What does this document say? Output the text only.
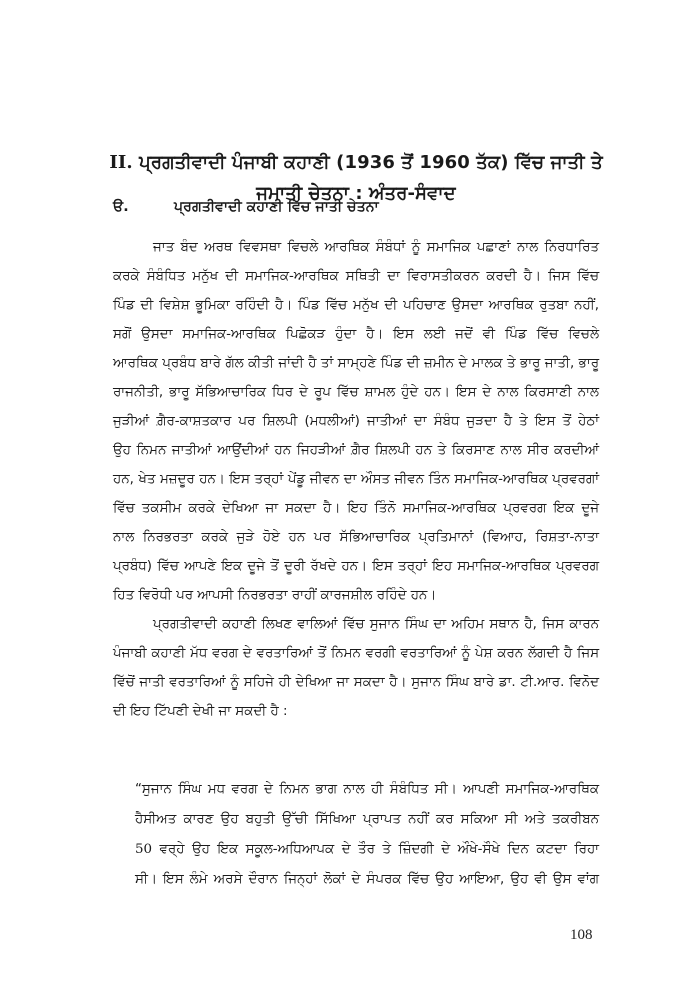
II. ਪ੍ਰਗਤੀਵਾਦੀ ਪੰਜਾਬੀ ਕਹਾਣੀ (1936 ਤੋਂ 1960 ਤੱਕ) ਵਿੱਚ ਜਾਤੀ ਤੇ
ਜਮਾਤੀ ਚੇਤਨਾ : ਅੰਤਰ-ਸੰਵਾਦ
ੳ.	ਪ੍ਰਗਤੀਵਾਦੀ ਕਹਾਣੀ ਵਿੱਚ ਜਾਤੀ ਚੇਤਨਾ
ਜਾਤ ਬੰਦ ਅਰਥ ਵਿਵਸਥਾ ਵਿਚਲੇ ਆਰਥਿਕ ਸੰਬੰਧਾਂ ਨੂੰ ਸਮਾਜਿਕ ਪਛਾਣਾਂ ਨਾਲ ਨਿਰਧਾਰਿਤ
ਕਰਕੇ ਸੰਬੰਧਿਤ ਮਨੁੱਖ ਦੀ ਸਮਾਜਿਕ-ਆਰਥਿਕ ਸਥਿਤੀ ਦਾ ਵਿਰਾਸਤੀਕਰਨ ਕਰਦੀ ਹੈ। ਜਿਸ ਵਿੱਚ
ਪਿੰਡ ਦੀ ਵਿਸ਼ੇਸ਼ ਭੂਮਿਕਾ ਰਹਿੰਦੀ ਹੈ। ਪਿੰਡ ਵਿੱਚ ਮਨੁੱਖ ਦੀ ਪਹਿਚਾਣ ਉਸਦਾ ਆਰਥਿਕ ਰੁਤਬਾ ਨਹੀਂ,
ਸਗੋਂ ਉਸਦਾ ਸਮਾਜਿਕ-ਆਰਥਿਕ ਪਿਛੋਕੜ ਹੁੰਦਾ ਹੈ। ਇਸ ਲਈ ਜਦੋਂ ਵੀ ਪਿੰਡ ਵਿੱਚ ਵਿਚਲੇ
ਆਰਥਿਕ ਪ੍ਰਬੰਧ ਬਾਰੇ ਗੱਲ ਕੀਤੀ ਜਾਂਦੀ ਹੈ ਤਾਂ ਸਾਮ੍ਹਣੇ ਪਿੰਡ ਦੀ ਜ਼ਮੀਨ ਦੇ ਮਾਲਕ ਤੇ ਭਾਰੂ ਜਾਤੀ, ਭਾਰੂ
ਰਾਜਨੀਤੀ, ਭਾਰੂ ਸੱਭਿਆਚਾਰਿਕ ਧਿਰ ਦੇ ਰੂਪ ਵਿੱਚ ਸ਼ਾਮਲ ਹੁੰਦੇ ਹਨ। ਇਸ ਦੇ ਨਾਲ ਕਿਰਸਾਣੀ ਨਾਲ
ਜੁੜੀਆਂ ਗ਼ੈਰ-ਕਾਸ਼ਤਕਾਰ ਪਰ ਸ਼ਿਲਪੀ (ਮਧਲੀਆਂ) ਜਾਤੀਆਂ ਦਾ ਸੰਬੰਧ ਜੁੜਦਾ ਹੈ ਤੇ ਇਸ ਤੋਂ ਹੇਠਾਂ
ਉਹ ਨਿਮਨ ਜਾਤੀਆਂ ਆਉਂਦੀਆਂ ਹਨ ਜਿਹੜੀਆਂ ਗ਼ੈਰ ਸ਼ਿਲਪੀ ਹਨ ਤੇ ਕਿਰਸਾਣ ਨਾਲ ਸੀਰ ਕਰਦੀਆਂ
ਹਨ, ਖੇਤ ਮਜ਼ਦੂਰ ਹਨ। ਇਸ ਤਰ੍ਹਾਂ ਪੇਂਡੂ ਜੀਵਨ ਦਾ ਔਸਤ ਜੀਵਨ ਤਿੰਨ ਸਮਾਜਿਕ-ਆਰਥਿਕ ਪ੍ਰਵਰਗਾਂ
ਵਿੱਚ ਤਕਸੀਮ ਕਰਕੇ ਦੇਖਿਆ ਜਾ ਸਕਦਾ ਹੈ। ਇਹ ਤਿੰਨੋ ਸਮਾਜਿਕ-ਆਰਥਿਕ ਪ੍ਰਵਰਗ ਇਕ ਦੂਜੇ
ਨਾਲ ਨਿਰਭਰਤਾ ਕਰਕੇ ਜੁੜੇ ਹੋਏ ਹਨ ਪਰ ਸੱਭਿਆਚਾਰਿਕ ਪ੍ਰਤਿਮਾਨਾਂ (ਵਿਆਹ, ਰਿਸ਼ਤਾ-ਨਾਤਾ
ਪ੍ਰਬੰਧ) ਵਿੱਚ ਆਪਣੇ ਇਕ ਦੂਜੇ ਤੋਂ ਦੂਰੀ ਰੱਖਦੇ ਹਨ। ਇਸ ਤਰ੍ਹਾਂ ਇਹ ਸਮਾਜਿਕ-ਆਰਥਿਕ ਪ੍ਰਵਰਗ
ਹਿਤ ਵਿਰੋਧੀ ਪਰ ਆਪਸੀ ਨਿਰਭਰਤਾ ਰਾਹੀਂ ਕਾਰਜਸ਼ੀਲ ਰਹਿੰਦੇ ਹਨ।
ਪ੍ਰਗਤੀਵਾਦੀ ਕਹਾਣੀ ਲਿਖਣ ਵਾਲਿਆਂ ਵਿੱਚ ਸੁਜਾਨ ਸਿੰਘ ਦਾ ਅਹਿਮ ਸਥਾਨ ਹੈ, ਜਿਸ ਕਾਰਨ
ਪੰਜਾਬੀ ਕਹਾਣੀ ਮੱਧ ਵਰਗ ਦੇ ਵਰਤਾਰਿਆਂ ਤੋਂ ਨਿਮਨ ਵਰਗੀ ਵਰਤਾਰਿਆਂ ਨੂੰ ਪੇਸ਼ ਕਰਨ ਲੱਗਦੀ ਹੈ ਜਿਸ
ਵਿੱਚੋਂ ਜਾਤੀ ਵਰਤਾਰਿਆਂ ਨੂੰ ਸਹਿਜੇ ਹੀ ਦੇਖਿਆ ਜਾ ਸਕਦਾ ਹੈ। ਸੁਜਾਨ ਸਿੰਘ ਬਾਰੇ ਡਾ. ਟੀ.ਆਰ. ਵਿਨੋਦ
ਦੀ ਇਹ ਟਿੱਪਣੀ ਦੇਖੀ ਜਾ ਸਕਦੀ ਹੈ :
“ਸੁਜਾਨ ਸਿੰਘ ਮਧ ਵਰਗ ਦੇ ਨਿਮਨ ਭਾਗ ਨਾਲ ਹੀ ਸੰਬੰਧਿਤ ਸੀ। ਆਪਣੀ ਸਮਾਜਿਕ-ਆਰਥਿਕ
ਹੈਸੀਅਤ ਕਾਰਣ ਉਹ ਬਹੁਤੀ ਉੱਚੀ ਸਿੱਖਿਆ ਪ੍ਰਾਪਤ ਨਹੀਂ ਕਰ ਸਕਿਆ ਸੀ ਅਤੇ ਤਕਰੀਬਨ
50 ਵਰ੍ਹੇ ਉਹ ਇਕ ਸਕੂਲ-ਅਧਿਆਪਕ ਦੇ ਤੌਰ ਤੇ ਜ਼ਿੰਦਗੀ ਦੇ ਔਖੇ-ਸੌਖੇ ਦਿਨ ਕਟਦਾ ਰਿਹਾ
ਸੀ। ਇਸ ਲੰਮੇ ਅਰਸੇ ਦੌਰਾਨ ਜਿਨ੍ਹਾਂ ਲੋਕਾਂ ਦੇ ਸੰਪਰਕ ਵਿੱਚ ਉਹ ਆਇਆ, ਉਹ ਵੀ ਉਸ ਵਾਂਗ
108
